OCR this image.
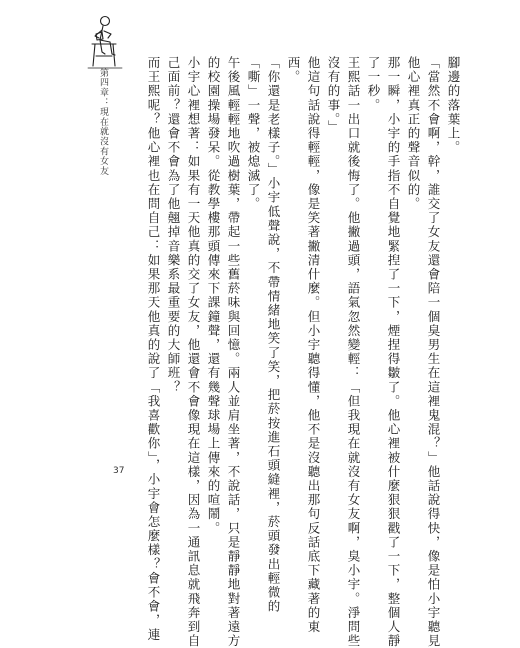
第四章：現在就沒有女友	腳邊的落葉上。
「當然不會啊，幹，誰交了女友還會陪一個臭男生在這裡鬼混？」他話說得快，像是怕小宇聽見
他心裡真正的聲音似的。
那一瞬，小宇的手指不自覺地緊揑了一下，煙捏得皺了。他心裡被什麼狠狠戳了一下，整個人靜
了一秒。
王熙話一出口就後悔了。他撇過頭，語氣忽然變輕：「但我現在就沒有女友啊，臭小宇。淨問些
沒有的事。」
他這句話說得輕輕，像是笑著撇清什麼。但小宇聽得懂，他不是沒聽出那句反話底下藏著的東
西。
「你還是老樣子。」小宇低聲說，不帶情緒地笑了笑，把菸按進石頭縫裡，菸頭發出輕微的
「嘶」一聲，被熄滅了。
午後風輕輕地吹過樹葉，帶起一些舊菸味與回憶。兩人並肩坐著，不說話，只是靜靜地對著遠方
的校園操場發呆。從教學樓那頭傳來下課鐘聲，還有幾聲球場上傳來的喧鬧。
小宇心裡想著：如果有一天他真的交了女友，他還會不會像現在這樣，因為一通訊息就飛奔到自
己面前？還會不會為了他翹掉音樂系最重要的大師班？
而王熙呢？他心裡也在問自己：如果那天他真的說了「我喜歡你」，小宇會怎麼樣？會不會，連
37
